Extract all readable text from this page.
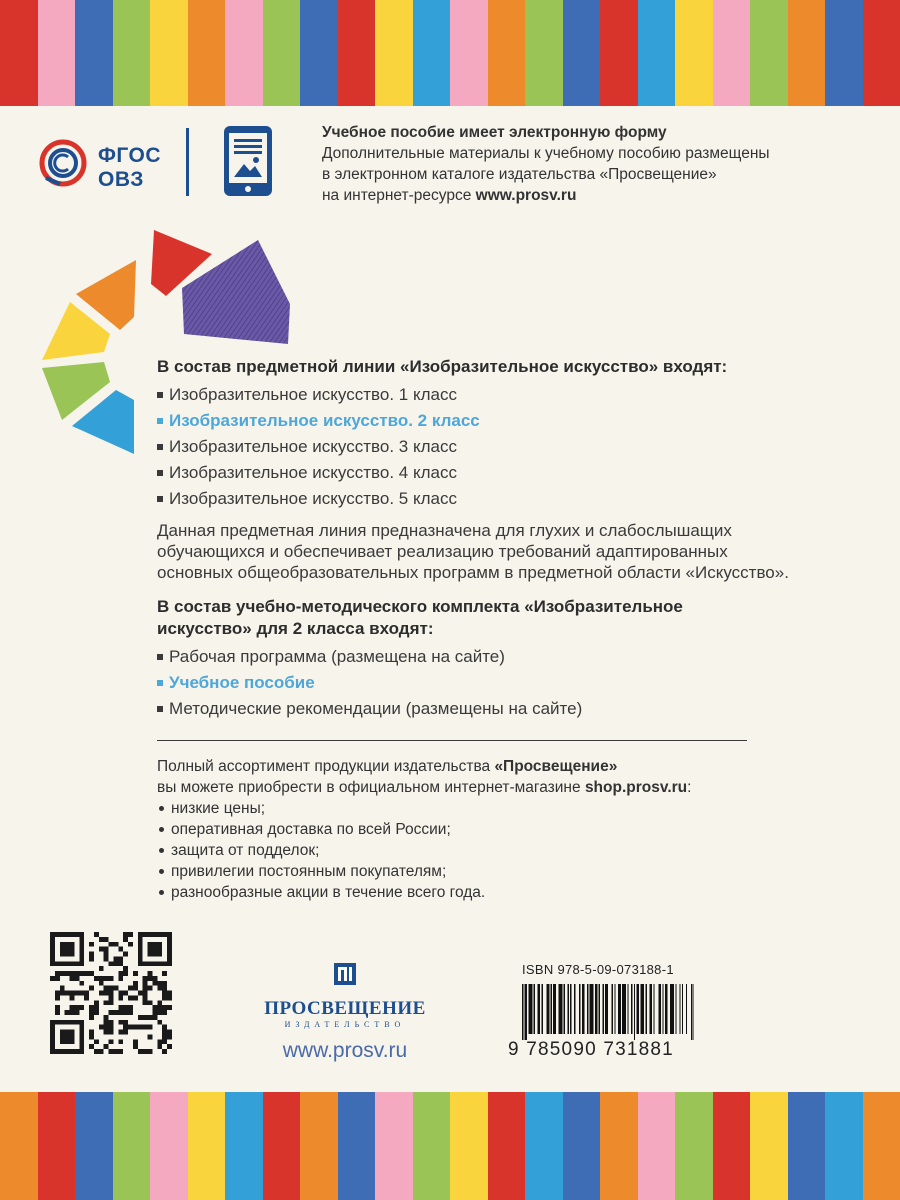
ФГОС
ОВЗ
Учебное пособие имеет электронную форму
Дополнительные материалы к учебному пособию размещены
в электронном каталоге издательства «Просвещение»
на интернет-ресурсе www.prosv.ru
В состав предметной линии «Изобразительное искусство» входят:
Изобразительное искусство. 1 класс
Изобразительное искусство. 2 класс
Изобразительное искусство. 3 класс
Изобразительное искусство. 4 класс
Изобразительное искусство. 5 класс
Данная предметная линия предназначена для глухих и слабослышащих
обучающихся и обеспечивает реализацию требований адаптированных
основных общеобразовательных программ в предметной области «Искусство».
В состав учебно-методического комплекта «Изобразительное
искусство» для 2 класса входят:
Рабочая программа (размещена на сайте)
Учебное пособие
Методические рекомендации (размещены на сайте)
Полный ассортимент продукции издательства «Просвещение»
вы можете приобрести в официальном интернет-магазине shop.prosv.ru:
низкие цены;
оперативная доставка по всей России;
защита от подделок;
привилегии постоянным покупателям;
разнообразные акции в течение всего года.
ПРОСВЕЩЕНИЕ
ИЗДАТЕЛЬСТВО
www.prosv.ru
ISBN 978-5-09-073188-1
9 785090 731881
